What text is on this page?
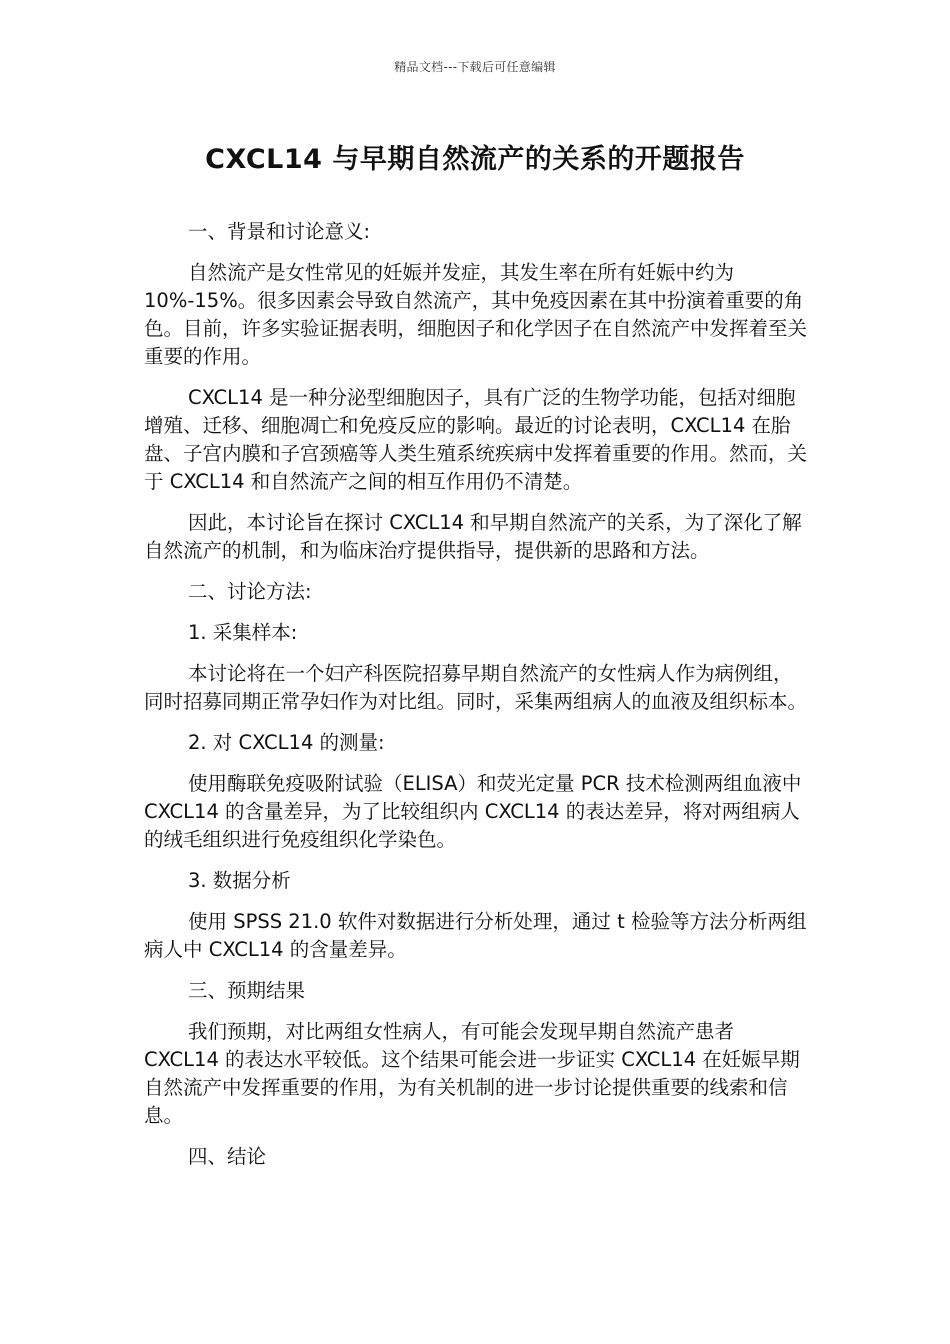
精品文档---下载后可任意编辑
CXCL14 与早期自然流产的关系的开题报告

一、背景和讨论意义:

自然流产是女性常见的妊娠并发症，其发生率在所有妊娠中约为10%-15%。很多因素会导致自然流产，其中免疫因素在其中扮演着重要的角色。目前，许多实验证据表明，细胞因子和化学因子在自然流产中发挥着至关重要的作用。

CXCL14 是一种分泌型细胞因子，具有广泛的生物学功能，包括对细胞增殖、迁移、细胞凋亡和免疫反应的影响。最近的讨论表明，CXCL14 在胎盘、子宫内膜和子宫颈癌等人类生殖系统疾病中发挥着重要的作用。然而，关于 CXCL14 和自然流产之间的相互作用仍不清楚。

因此，本讨论旨在探讨 CXCL14 和早期自然流产的关系，为了深化了解自然流产的机制，和为临床治疗提供指导，提供新的思路和方法。

二、讨论方法:

1. 采集样本:

本讨论将在一个妇产科医院招募早期自然流产的女性病人作为病例组，同时招募同期正常孕妇作为对比组。同时，采集两组病人的血液及组织标本。

2. 对 CXCL14 的测量:

使用酶联免疫吸附试验（ELISA）和荧光定量 PCR 技术检测两组血液中 CXCL14 的含量差异，为了比较组织内 CXCL14 的表达差异，将对两组病人的绒毛组织进行免疫组织化学染色。

3. 数据分析

使用 SPSS 21.0 软件对数据进行分析处理，通过 t 检验等方法分析两组病人中 CXCL14 的含量差异。

三、预期结果

我们预期，对比两组女性病人，有可能会发现早期自然流产患者 CXCL14 的表达水平较低。这个结果可能会进一步证实 CXCL14 在妊娠早期自然流产中发挥重要的作用，为有关机制的进一步讨论提供重要的线索和信息。

四、结论
